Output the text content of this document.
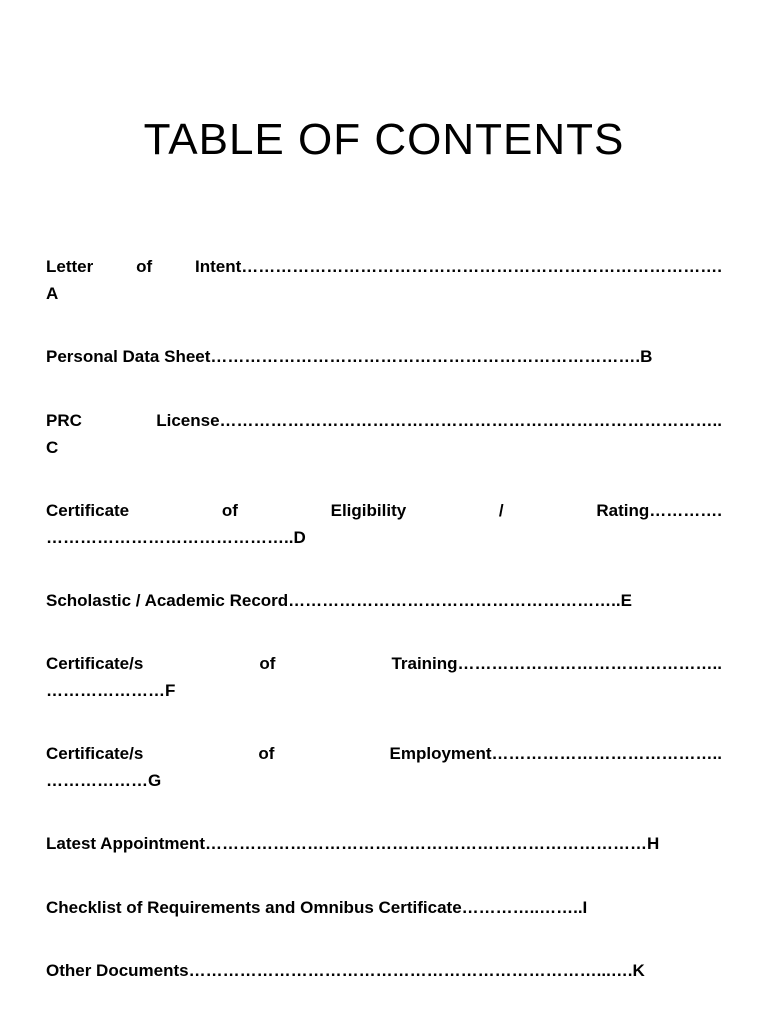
TABLE OF CONTENTS
Letter	of	Intent………………………………………………………………………….
A
Personal Data Sheet………………………………………………………………….B
PRC	License……………………………………………………………………………..
C
Certificate	of	Eligibility	/	Rating………….
……………………………………..D
Scholastic / Academic Record…………………………………………………..E
Certificate/s	of	Training………………………………………..
…………………F
Certificate/s	of	Employment…………………………………..
………………G
Latest Appointment……………………………………………………………………H
Checklist of Requirements and Omnibus Certificate…………..……..I
Other Documents………………………………………………………………...….K
